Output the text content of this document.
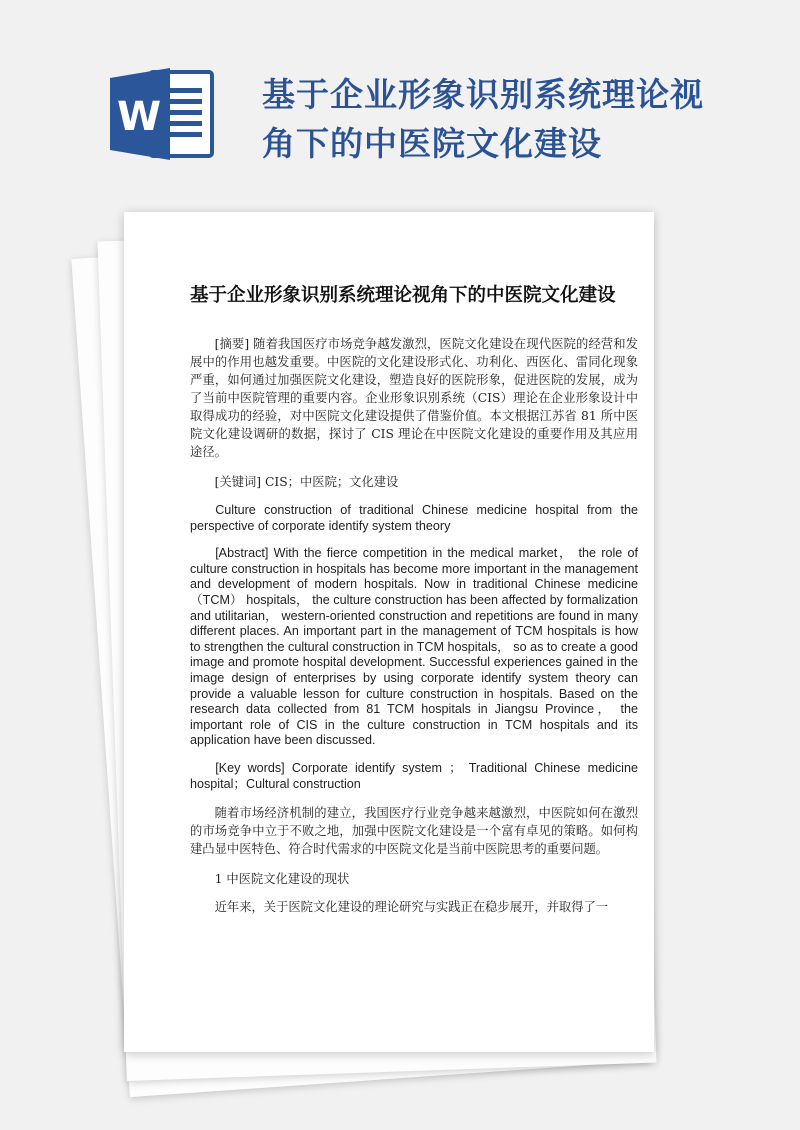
W	基于企业形象识别系统理论视角下的中医院文化建设
基于企业形象识别系统理论视角下的中医院文化建设

[摘要] 随着我国医疗市场竞争越发激烈，医院文化建设在现代医院的经营和发展中的作用也越发重要。中医院的文化建设形式化、功利化、西医化、雷同化现象严重，如何通过加强医院文化建设，塑造良好的医院形象，促进医院的发展，成为了当前中医院管理的重要内容。企业形象识别系统（CIS）理论在企业形象设计中取得成功的经验，对中医院文化建设提供了借鉴价值。本文根据江苏省 81 所中医院文化建设调研的数据，探讨了 CIS 理论在中医院文化建设的重要作用及其应用途径。

[关键词] CIS；中医院；文化建设

Culture construction of traditional Chinese medicine hospital from the perspective of corporate identify system theory

[Abstract] With the fierce competition in the medical market， the role of culture construction in hospitals has become more important in the management and development of modern hospitals. Now in traditional Chinese medicine （TCM） hospitals， the culture construction has been affected by formalization and utilitarian， western-oriented construction and repetitions are found in many different places. An important part in the management of TCM hospitals is how to strengthen the cultural construction in TCM hospitals， so as to create a good image and promote hospital development. Successful experiences gained in the image design of enterprises by using corporate identify system theory can provide a valuable lesson for culture construction in hospitals. Based on the research data collected from 81 TCM hospitals in Jiangsu Province， the important role of CIS in the culture construction in TCM hospitals and its application have been discussed.

[Key words] Corporate identify system ； Traditional Chinese medicine hospital；Cultural construction

随着市场经济机制的建立，我国医疗行业竞争越来越激烈，中医院如何在激烈的市场竞争中立于不败之地，加强中医院文化建设是一个富有卓见的策略。如何构建凸显中医特色、符合时代需求的中医院文化是当前中医院思考的重要问题。

1 中医院文化建设的现状

近年来，关于医院文化建设的理论研究与实践正在稳步展开，并取得了一
